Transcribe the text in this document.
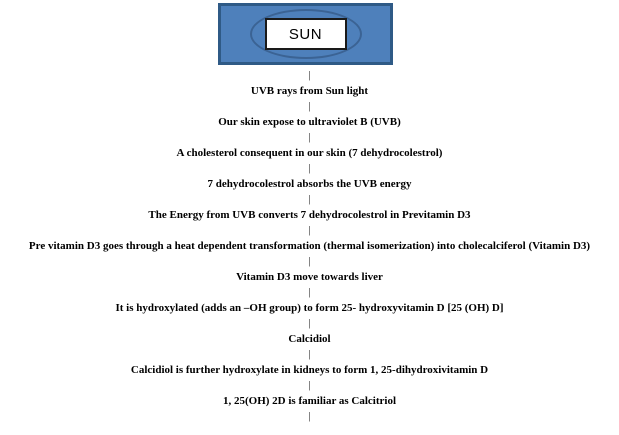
SUN
|
UVB rays from Sun light
|
Our skin expose to ultraviolet B (UVB)
|
A cholesterol consequent in our skin (7 dehydrocolestrol)
|
7 dehydrocolestrol absorbs the UVB energy
|
The Energy from UVB converts 7 dehydrocolestrol in Previtamin D3
|
Pre vitamin D3 goes through a heat dependent transformation (thermal isomerization) into cholecalciferol (Vitamin D3)
|
Vitamin D3 move towards liver
|
It is hydroxylated (adds an –OH group) to form 25- hydroxyvitamin D [25 (OH) D]
|
Calcidiol
|
Calcidiol is further hydroxylate in kidneys to form 1, 25-dihydroxivitamin D
|
1, 25(OH) 2D is familiar as Calcitriol
|
